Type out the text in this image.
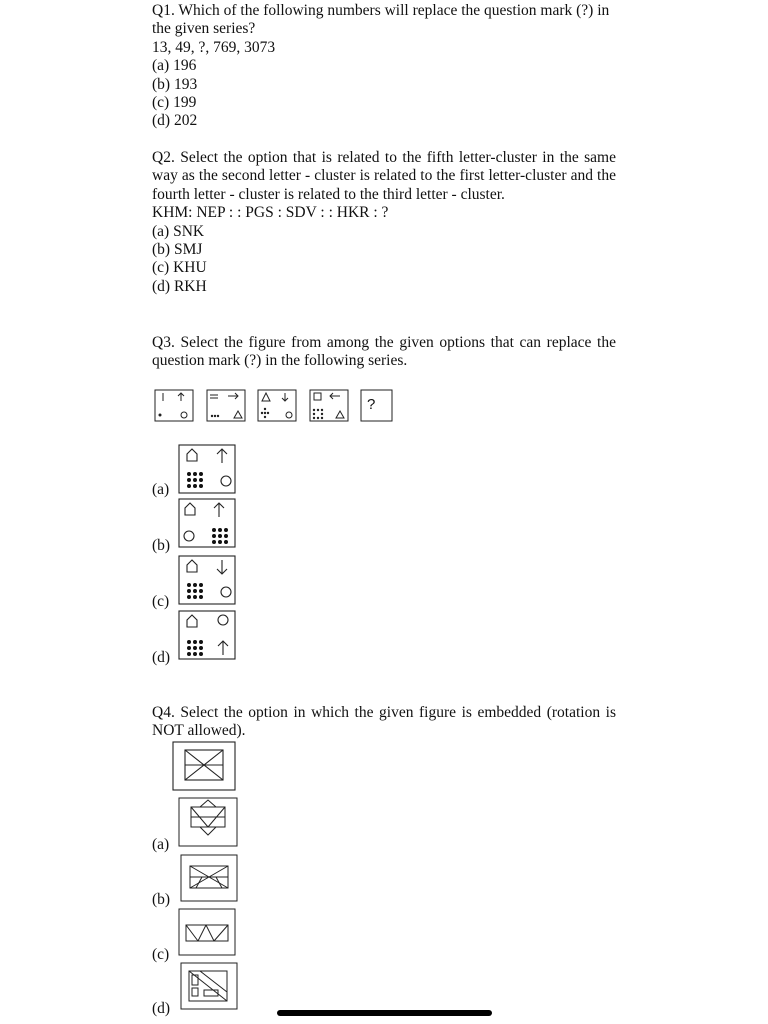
Q1. Which of the following numbers will replace the question mark (?) in the given series?

13, 49, ?, 769, 3073

(a) 196

(b) 193

(c) 199

(d) 202

Q2. Select the option that is related to the fifth letter-cluster in the same way as the second letter - cluster is related to the first letter-cluster and the fourth letter - cluster is related to the third letter - cluster.

KHM: NEP : : PGS : SDV : : HKR : ?

(a) SNK

(b) SMJ

(c) KHU

(d) RKH

Q3. Select the figure from among the given options that can replace the question mark (?) in the following series.
?
(a)
(b)
(c)
(d)
Q4. Select the option in which the given figure is embedded (rotation is NOT allowed).
(a)
(b)
(c)
(d)
